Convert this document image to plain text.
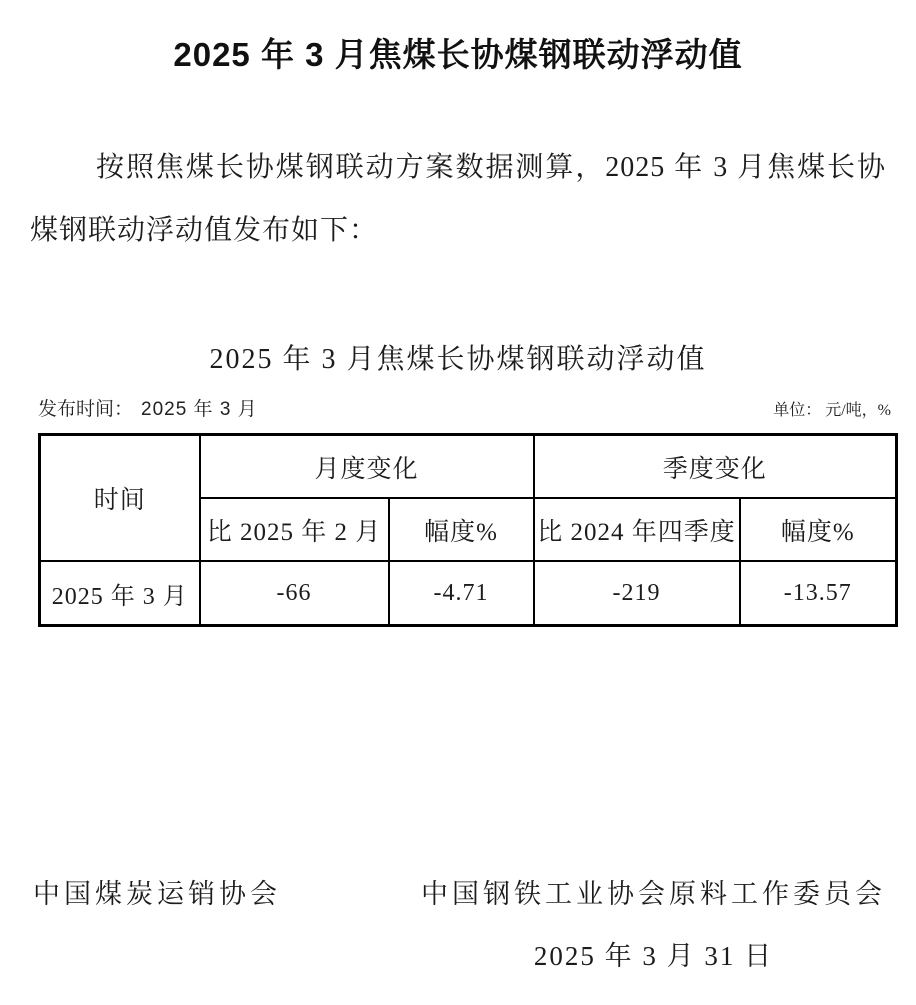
2025 年 3 月焦煤长协煤钢联动浮动值

按照焦煤长协煤钢联动方案数据测算，2025 年 3 月焦煤长协煤钢联动浮动值发布如下：

2025 年 3 月焦煤长协煤钢联动浮动值
发布时间： 2025 年 3 月	单位： 元/吨，%
时间	月度变化		季度变化	
	比 2025 年 2 月	幅度%	比 2024 年四季度	幅度%
2025 年 3 月	-66	-4.71	-219	-13.57
中国煤炭运销协会	中国钢铁工业协会原料工作委员会
2025 年 3 月 31 日
